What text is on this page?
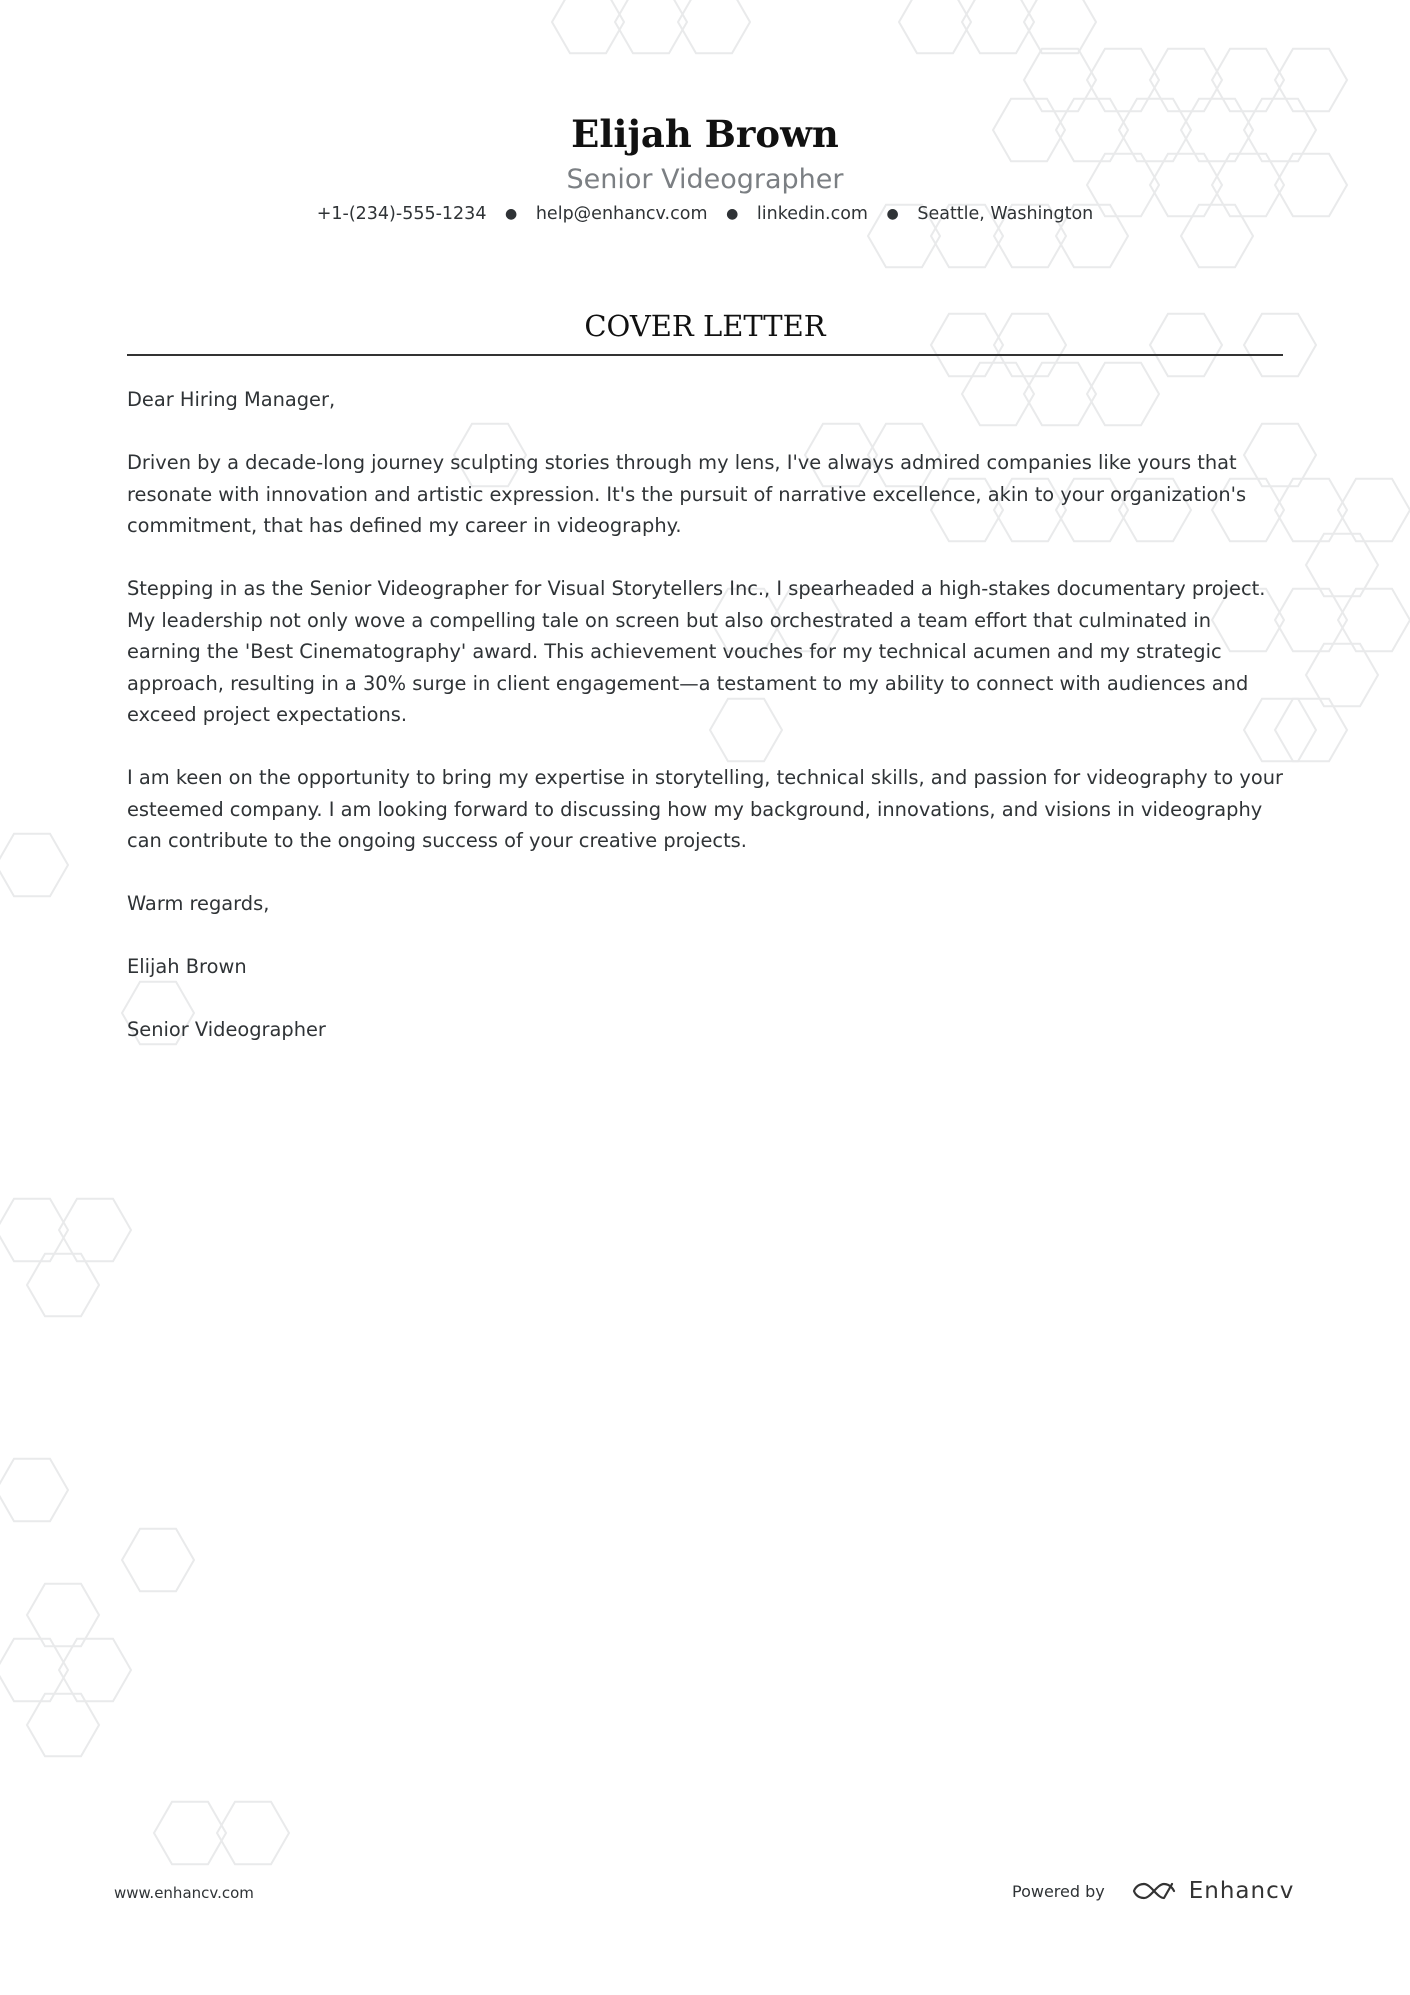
Elijah Brown
Senior Videographer
+1-(234)-555-1234 ● help@enhancv.com ● linkedin.com ● Seattle, Washington
COVER LETTER

Dear Hiring Manager,

Driven by a decade-long journey sculpting stories through my lens, I've always admired companies like yours that resonate with innovation and artistic expression. It's the pursuit of narrative excellence, akin to your organization's commitment, that has defined my career in videography.

Stepping in as the Senior Videographer for Visual Storytellers Inc., I spearheaded a high-stakes documentary project. My leadership not only wove a compelling tale on screen but also orchestrated a team effort that culminated in earning the 'Best Cinematography' award. This achievement vouches for my technical acumen and my strategic approach, resulting in a 30% surge in client engagement—a testament to my ability to connect with audiences and exceed project expectations.

I am keen on the opportunity to bring my expertise in storytelling, technical skills, and passion for videography to your esteemed company. I am looking forward to discussing how my background, innovations, and visions in videography can contribute to the ongoing success of your creative projects.

Warm regards,

Elijah Brown

Senior Videographer

www.enhancv.com	Powered by	Enhancv
